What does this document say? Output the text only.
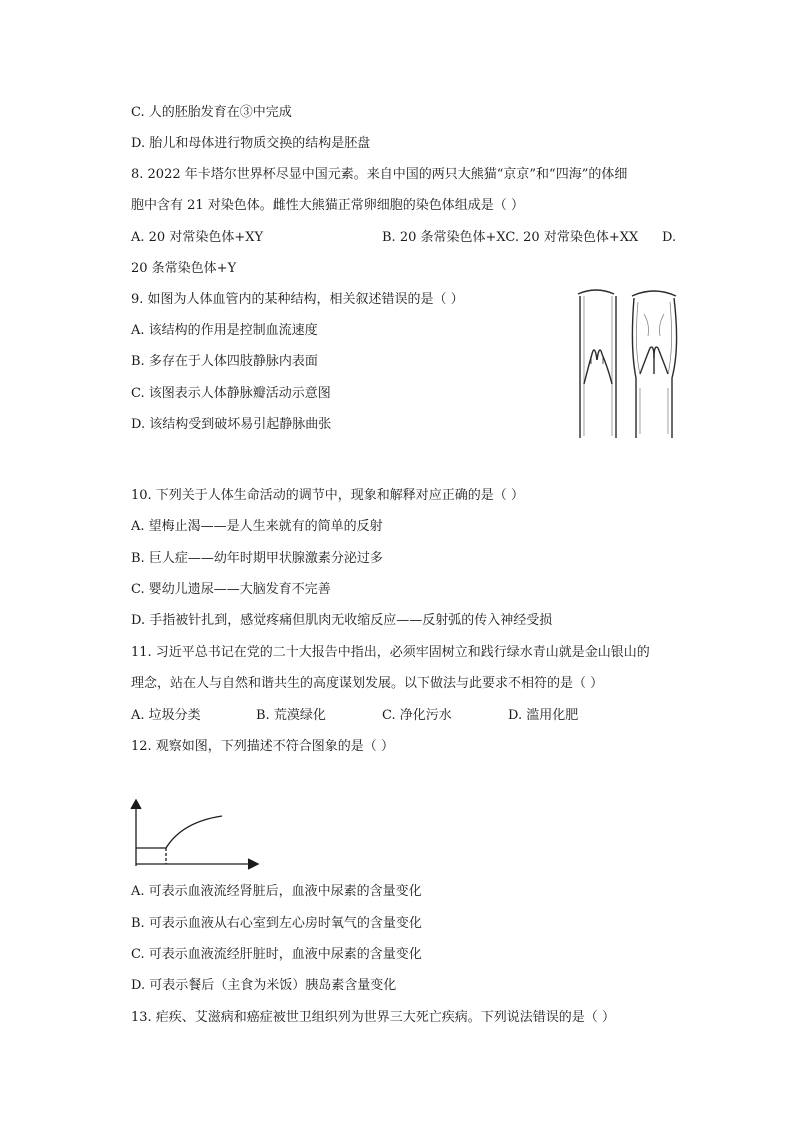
C. 人的胚胎发育在③中完成
D. 胎儿和母体进行物质交换的结构是胚盘
8. 2022 年卡塔尔世界杯尽显中国元素。来自中国的两只大熊猫“京京”和“四海”的体细
胞中含有 21 对染色体。雌性大熊猫正常卵细胞的染色体组成是（ ）
A. 20 对常染色体+XY	B. 20 条常染色体+XC. 20 对常染色体+XX D.
20 条常染色体+Y
9. 如图为人体血管内的某种结构，相关叙述错误的是（ ）
A. 该结构的作用是控制血流速度
B. 多存在于人体四肢静脉内表面
C. 该图表示人体静脉瓣活动示意图
D. 该结构受到破坏易引起静脉曲张
10. 下列关于人体生命活动的调节中，现象和解释对应正确的是（ ）
A. 望梅止渴——是人生来就有的简单的反射
B. 巨人症——幼年时期甲状腺激素分泌过多
C. 婴幼儿遗尿——大脑发育不完善
D. 手指被针扎到，感觉疼痛但肌肉无收缩反应——反射弧的传入神经受损
11. 习近平总书记在党的二十大报告中指出，必须牢固树立和践行绿水青山就是金山银山的
理念，站在人与自然和谐共生的高度谋划发展。以下做法与此要求不相符的是（ ）
A. 垃圾分类	B. 荒漠绿化	C. 净化污水	D. 滥用化肥
12. 观察如图，下列描述不符合图象的是（ ）
A. 可表示血液流经肾脏后，血液中尿素的含量变化
B. 可表示血液从右心室到左心房时氧气的含量变化
C. 可表示血液流经肝脏时，血液中尿素的含量变化
D. 可表示餐后（主食为米饭）胰岛素含量变化
13. 疟疾、艾滋病和癌症被世卫组织列为世界三大死亡疾病。下列说法错误的是（ ）
